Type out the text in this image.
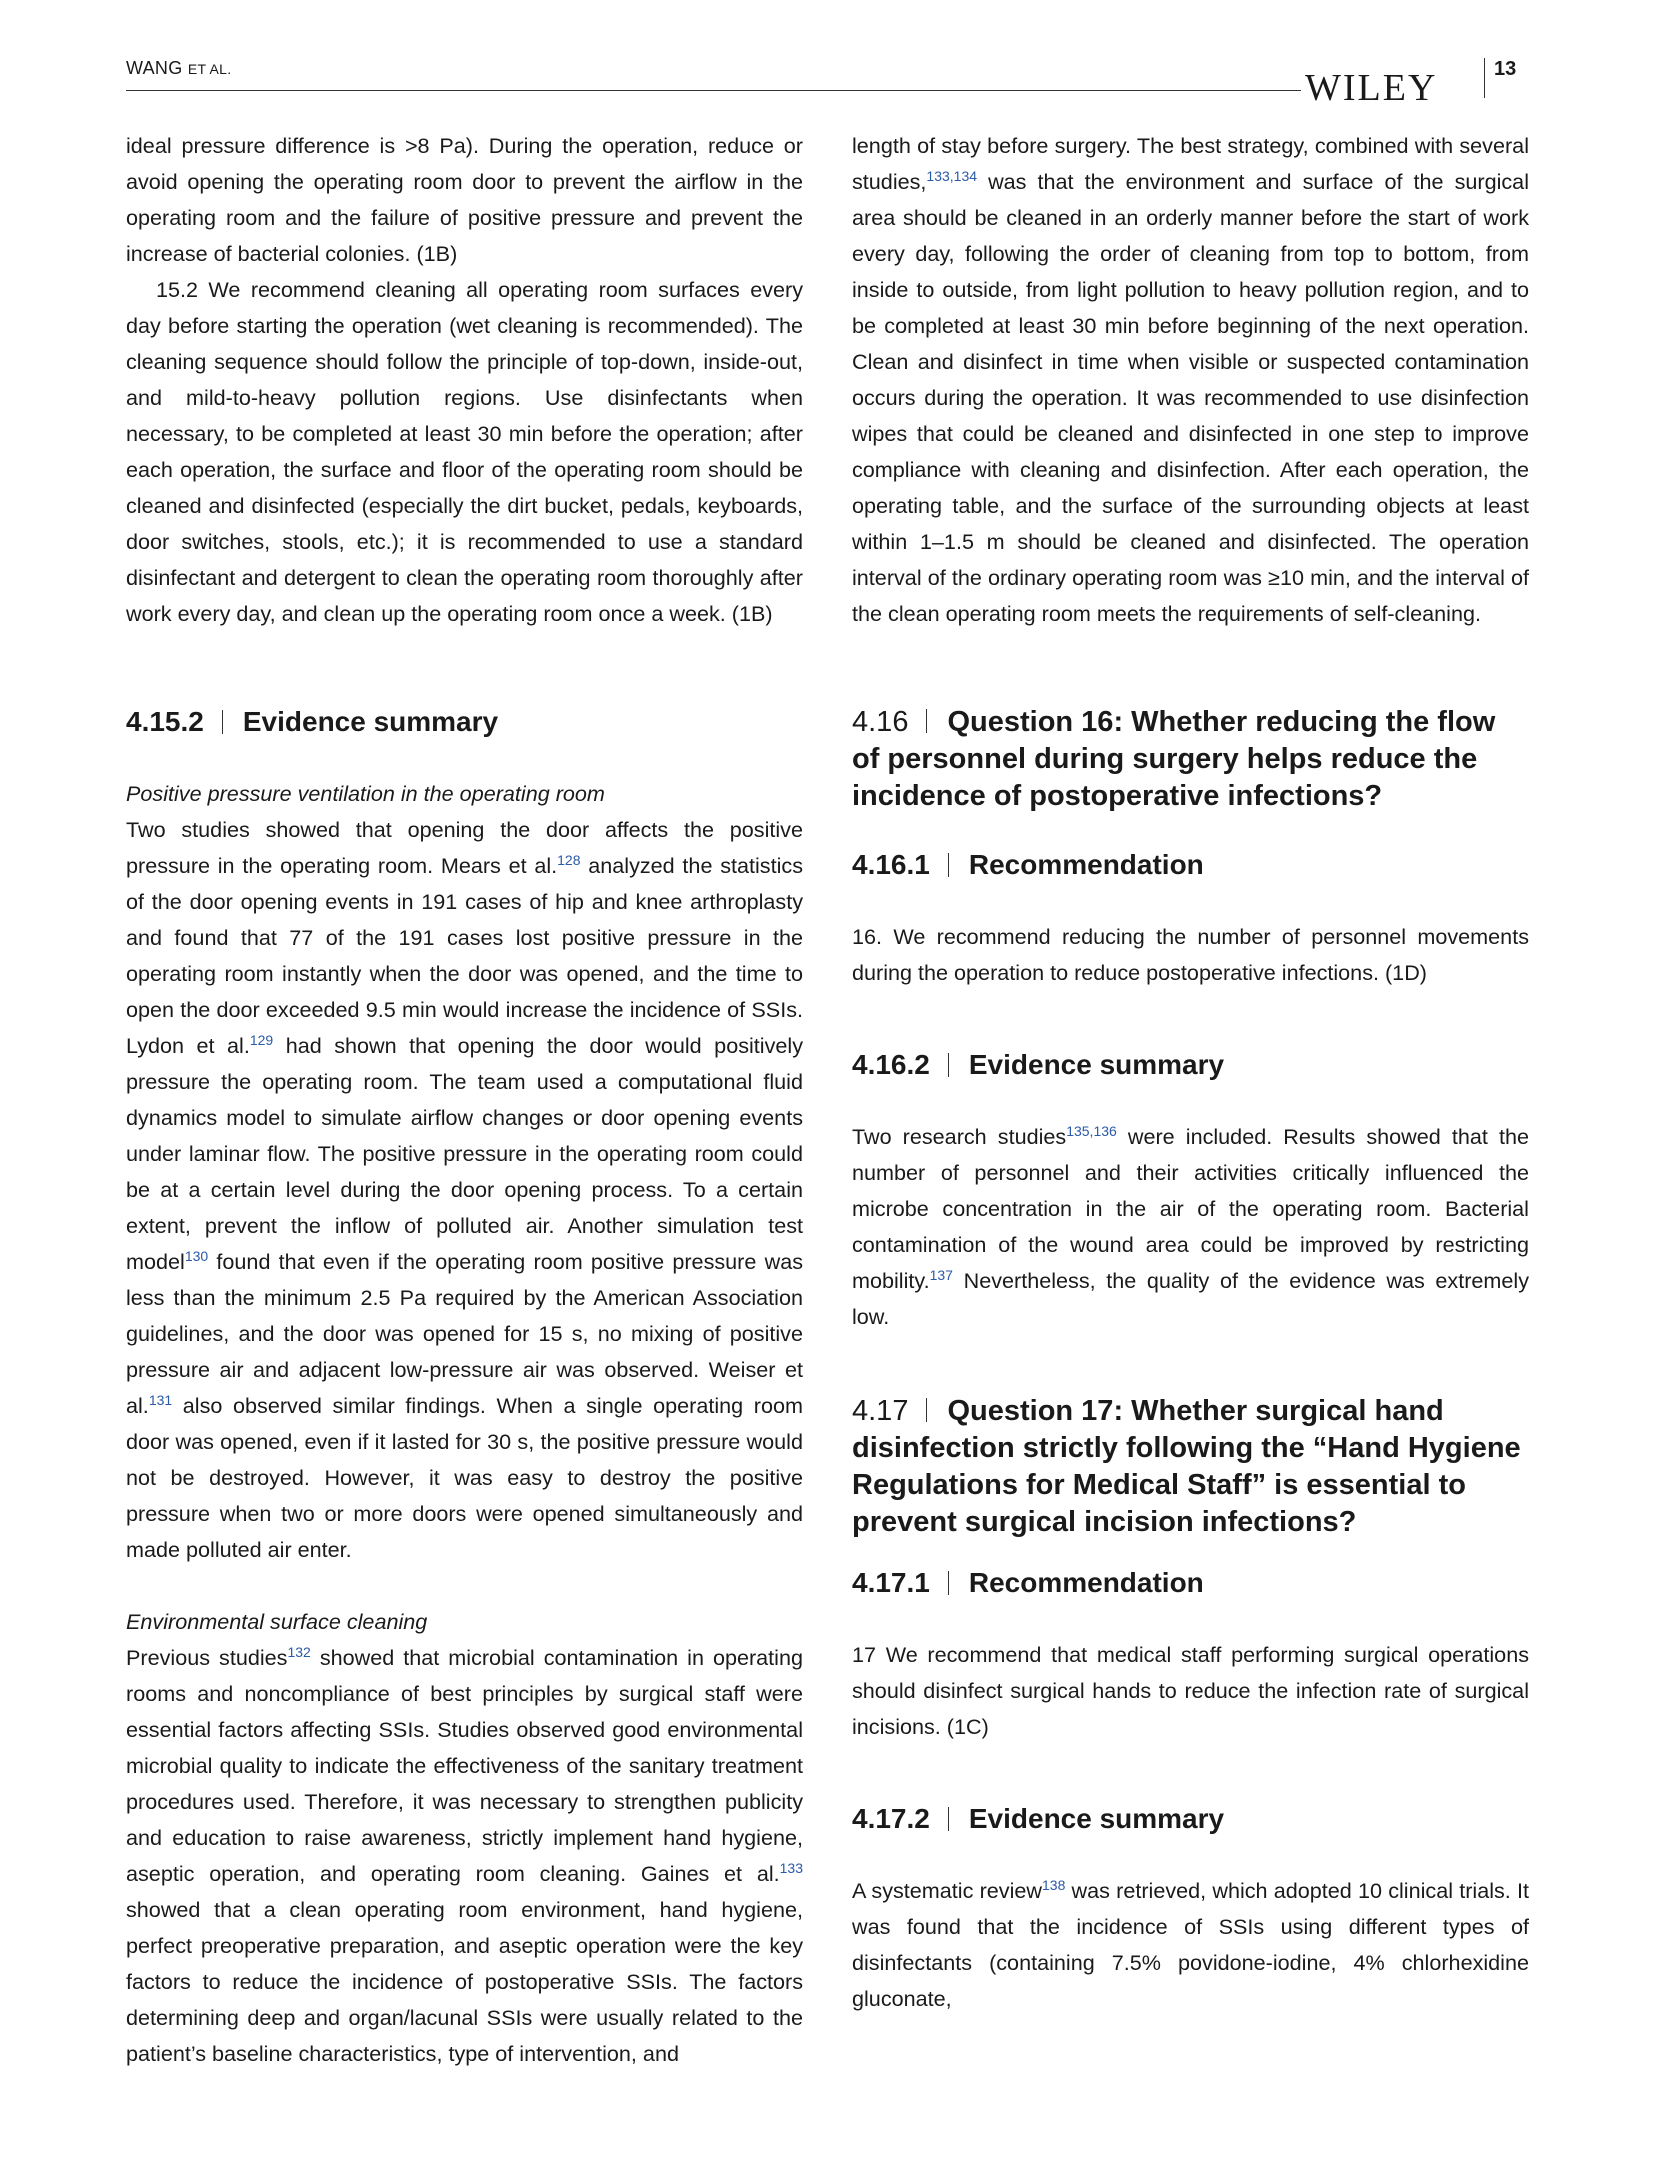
WANG ET AL.	WILEY	13

ideal pressure difference is >8 Pa). During the operation, reduce or avoid opening the operating room door to prevent the airflow in the operating room and the failure of positive pressure and prevent the increase of bacterial colonies. (1B)

15.2 We recommend cleaning all operating room surfaces every day before starting the operation (wet cleaning is recommended). The cleaning sequence should follow the principle of top-down, inside-out, and mild-to-heavy pollution regions. Use disinfectants when necessary, to be completed at least 30 min before the operation; after each operation, the surface and floor of the operating room should be cleaned and disinfected (especially the dirt bucket, pedals, keyboards, door switches, stools, etc.); it is recommended to use a standard disinfectant and detergent to clean the operating room thoroughly after work every day, and clean up the operating room once a week. (1B)

4.15.2 Evidence summary

Positive pressure ventilation in the operating room

Two studies showed that opening the door affects the positive pressure in the operating room. Mears et al.$^{128}$ analyzed the statistics of the door opening events in 191 cases of hip and knee arthroplasty and found that 77 of the 191 cases lost positive pressure in the operating room instantly when the door was opened, and the time to open the door exceeded 9.5 min would increase the incidence of SSIs. Lydon et al.$^{129}$ had shown that opening the door would positively pressure the operating room. The team used a computational fluid dynamics model to simulate airflow changes or door opening events under laminar flow. The positive pressure in the operating room could be at a certain level during the door opening process. To a certain extent, prevent the inflow of polluted air. Another simulation test model$^{130}$ found that even if the operating room positive pressure was less than the minimum 2.5 Pa required by the American Association guidelines, and the door was opened for 15 s, no mixing of positive pressure air and adjacent low-pressure air was observed. Weiser et al.$^{131}$ also observed similar findings. When a single operating room door was opened, even if it lasted for 30 s, the positive pressure would not be destroyed. However, it was easy to destroy the positive pressure when two or more doors were opened simultaneously and made polluted air enter.

Environmental surface cleaning

Previous studies$^{132}$ showed that microbial contamination in operating rooms and noncompliance of best principles by surgical staff were essential factors affecting SSIs. Studies observed good environmental microbial quality to indicate the effectiveness of the sanitary treatment procedures used. Therefore, it was necessary to strengthen publicity and education to raise awareness, strictly implement hand hygiene, aseptic operation, and operating room cleaning. Gaines et al.$^{133}$ showed that a clean operating room environment, hand hygiene, perfect preoperative preparation, and aseptic operation were the key factors to reduce the incidence of postoperative SSIs. The factors determining deep and organ/lacunal SSIs were usually related to the patient’s baseline characteristics, type of intervention, and

length of stay before surgery. The best strategy, combined with several studies,$^{133,134}$ was that the environment and surface of the surgical area should be cleaned in an orderly manner before the start of work every day, following the order of cleaning from top to bottom, from inside to outside, from light pollution to heavy pollution region, and to be completed at least 30 min before beginning of the next operation. Clean and disinfect in time when visible or suspected contamination occurs during the operation. It was recommended to use disinfection wipes that could be cleaned and disinfected in one step to improve compliance with cleaning and disinfection. After each operation, the operating table, and the surface of the surrounding objects at least within 1–1.5 m should be cleaned and disinfected. The operation interval of the ordinary operating room was ≥10 min, and the interval of the clean operating room meets the requirements of self-cleaning.

4.16 Question 16: Whether reducing the flow of personnel during surgery helps reduce the incidence of postoperative infections?
4.16.1 Recommendation

16. We recommend reducing the number of personnel movements during the operation to reduce postoperative infections. (1D)

4.16.2 Evidence summary

Two research studies$^{135,136}$ were included. Results showed that the number of personnel and their activities critically influenced the microbe concentration in the air of the operating room. Bacterial contamination of the wound area could be improved by restricting mobility.$^{137}$ Nevertheless, the quality of the evidence was extremely low.

4.17 Question 17: Whether surgical hand disinfection strictly following the “Hand Hygiene Regulations for Medical Staff” is essential to prevent surgical incision infections?
4.17.1 Recommendation

17 We recommend that medical staff performing surgical operations should disinfect surgical hands to reduce the infection rate of surgical incisions. (1C)

4.17.2 Evidence summary

A systematic review$^{138}$ was retrieved, which adopted 10 clinical trials. It was found that the incidence of SSIs using different types of disinfectants (containing 7.5% povidone-iodine, 4% chlorhexidine gluconate,
